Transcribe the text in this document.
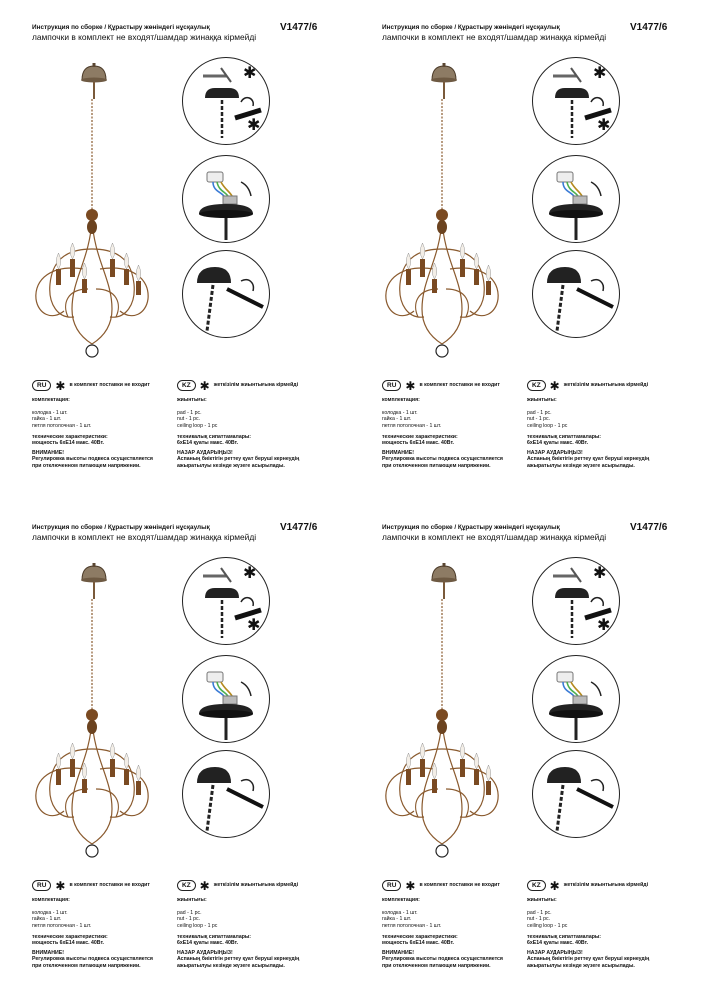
Инструкция по сборке / Құрастыру жөніндегі нұсқаулық	V1477/6
лампочки в комплект не входят/шамдар жинаққа кірмейді
✱
✱
RU ✱ в комплект поставки не входит
комплектация:
колодка - 1 шт.
гайка - 1 шт.
петля потолочная - 1 шт.
технические характеристики:
мощность 6хЕ14 макс. 40Вт.
ВНИМАНИЕ!
Регулировка высоты подвеса осуществляется
при отключенном питающем напряжении.
KZ ✱ жеткізілім жиынтығына кірмейді
жиынтығы:
pad - 1 pc.
nut - 1 pc.
ceiling loop - 1 pc
техникалық сипаттамалары:
6хЕ14 қуаты макс. 40Вт.
НАЗАР АУДАРЫҢЫЗ!
Аспаның биіктігін реттеу қуат беруші кернеудің
ажыратылуы кезінде жүзеге асырылады.
Инструкция по сборке / Құрастыру жөніндегі нұсқаулық	V1477/6
лампочки в комплект не входят/шамдар жинаққа кірмейді
✱
✱
RU ✱ в комплект поставки не входит
комплектация:
колодка - 1 шт.
гайка - 1 шт.
петля потолочная - 1 шт.
технические характеристики:
мощность 6хЕ14 макс. 40Вт.
ВНИМАНИЕ!
Регулировка высоты подвеса осуществляется
при отключенном питающем напряжении.
KZ ✱ жеткізілім жиынтығына кірмейді
жиынтығы:
pad - 1 pc.
nut - 1 pc.
ceiling loop - 1 pc
техникалық сипаттамалары:
6хЕ14 қуаты макс. 40Вт.
НАЗАР АУДАРЫҢЫЗ!
Аспаның биіктігін реттеу қуат беруші кернеудің
ажыратылуы кезінде жүзеге асырылады.
Инструкция по сборке / Құрастыру жөніндегі нұсқаулық	V1477/6
лампочки в комплект не входят/шамдар жинаққа кірмейді
✱
✱
RU ✱ в комплект поставки не входит
комплектация:
колодка - 1 шт.
гайка - 1 шт.
петля потолочная - 1 шт.
технические характеристики:
мощность 6хЕ14 макс. 40Вт.
ВНИМАНИЕ!
Регулировка высоты подвеса осуществляется
при отключенном питающем напряжении.
KZ ✱ жеткізілім жиынтығына кірмейді
жиынтығы:
pad - 1 pc.
nut - 1 pc.
ceiling loop - 1 pc
техникалық сипаттамалары:
6хЕ14 қуаты макс. 40Вт.
НАЗАР АУДАРЫҢЫЗ!
Аспаның биіктігін реттеу қуат беруші кернеудің
ажыратылуы кезінде жүзеге асырылады.
Инструкция по сборке / Құрастыру жөніндегі нұсқаулық	V1477/6
лампочки в комплект не входят/шамдар жинаққа кірмейді
✱
✱
RU ✱ в комплект поставки не входит
комплектация:
колодка - 1 шт.
гайка - 1 шт.
петля потолочная - 1 шт.
технические характеристики:
мощность 6хЕ14 макс. 40Вт.
ВНИМАНИЕ!
Регулировка высоты подвеса осуществляется
при отключенном питающем напряжении.
KZ ✱ жеткізілім жиынтығына кірмейді
жиынтығы:
pad - 1 pc.
nut - 1 pc.
ceiling loop - 1 pc
техникалық сипаттамалары:
6хЕ14 қуаты макс. 40Вт.
НАЗАР АУДАРЫҢЫЗ!
Аспаның биіктігін реттеу қуат беруші кернеудің
ажыратылуы кезінде жүзеге асырылады.
